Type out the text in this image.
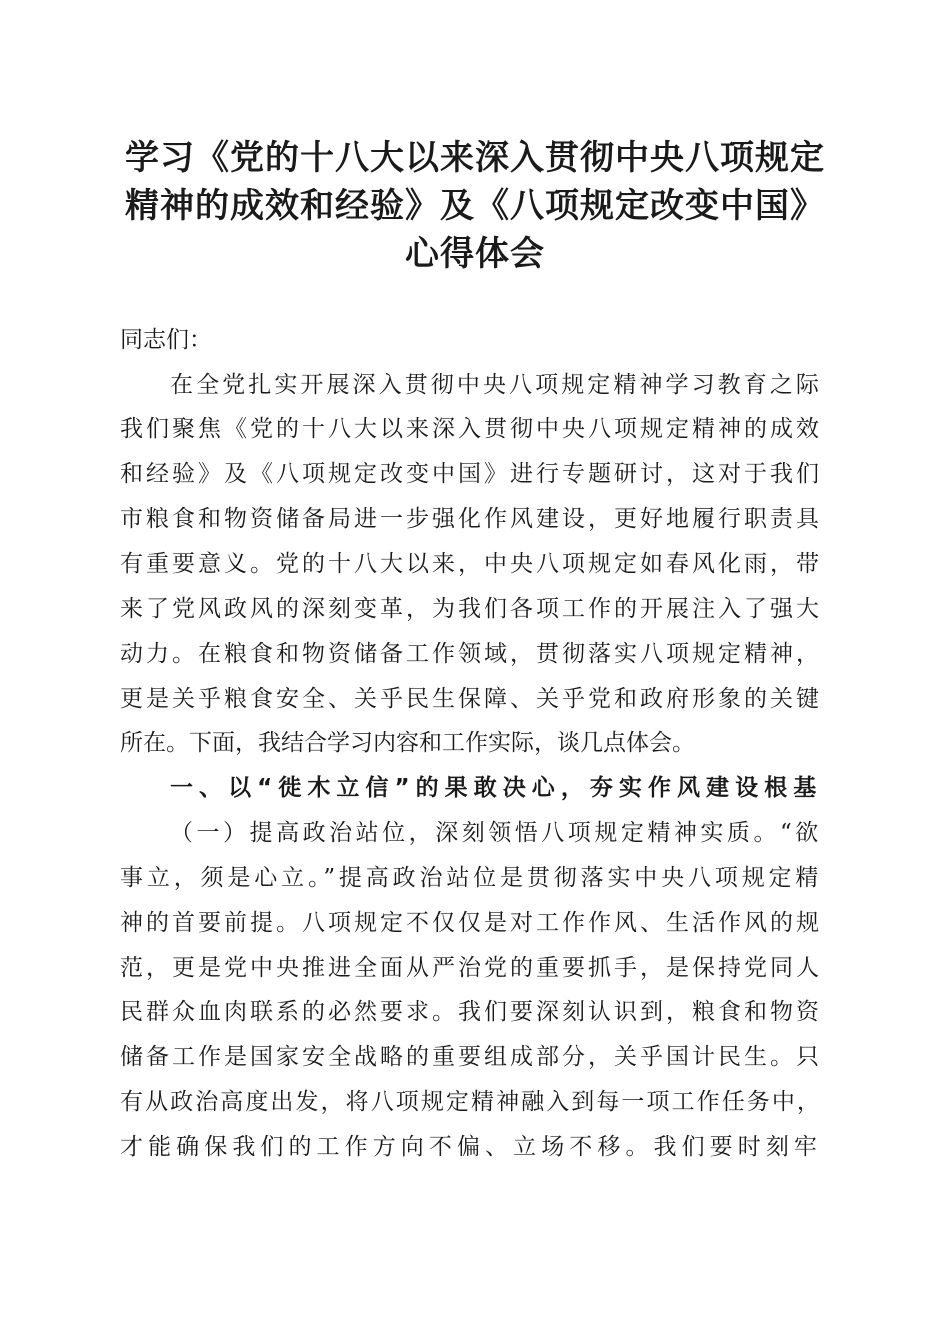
学习《党的十八大以来深入贯彻中央八项规定
精神的成效和经验》及《八项规定改变中国》
心得体会

同志们：

在全党扎实开展深入贯彻中央八项规定精神学习教育之际

我们聚焦《党的十八大以来深入贯彻中央八项规定精神的成效

和经验》及《八项规定改变中国》进行专题研讨，这对于我们

市粮食和物资储备局进一步强化作风建设，更好地履行职责具

有重要意义。党的十八大以来，中央八项规定如春风化雨，带

来了党风政风的深刻变革，为我们各项工作的开展注入了强大

动力。在粮食和物资储备工作领域，贯彻落实八项规定精神，

更是关乎粮食安全、关乎民生保障、关乎党和政府形象的关键

所在。下面，我结合学习内容和工作实际，谈几点体会。

一、以“徙木立信”的果敢决心，夯实作风建设根基

（一）提高政治站位，深刻领悟八项规定精神实质。“欲

事立，须是心立。”提高政治站位是贯彻落实中央八项规定精

神的首要前提。八项规定不仅仅是对工作作风、生活作风的规

范，更是党中央推进全面从严治党的重要抓手，是保持党同人

民群众血肉联系的必然要求。我们要深刻认识到，粮食和物资

储备工作是国家安全战略的重要组成部分，关乎国计民生。只

有从政治高度出发，将八项规定精神融入到每一项工作任务中，

才能确保我们的工作方向不偏、立场不移。我们要时刻牢
